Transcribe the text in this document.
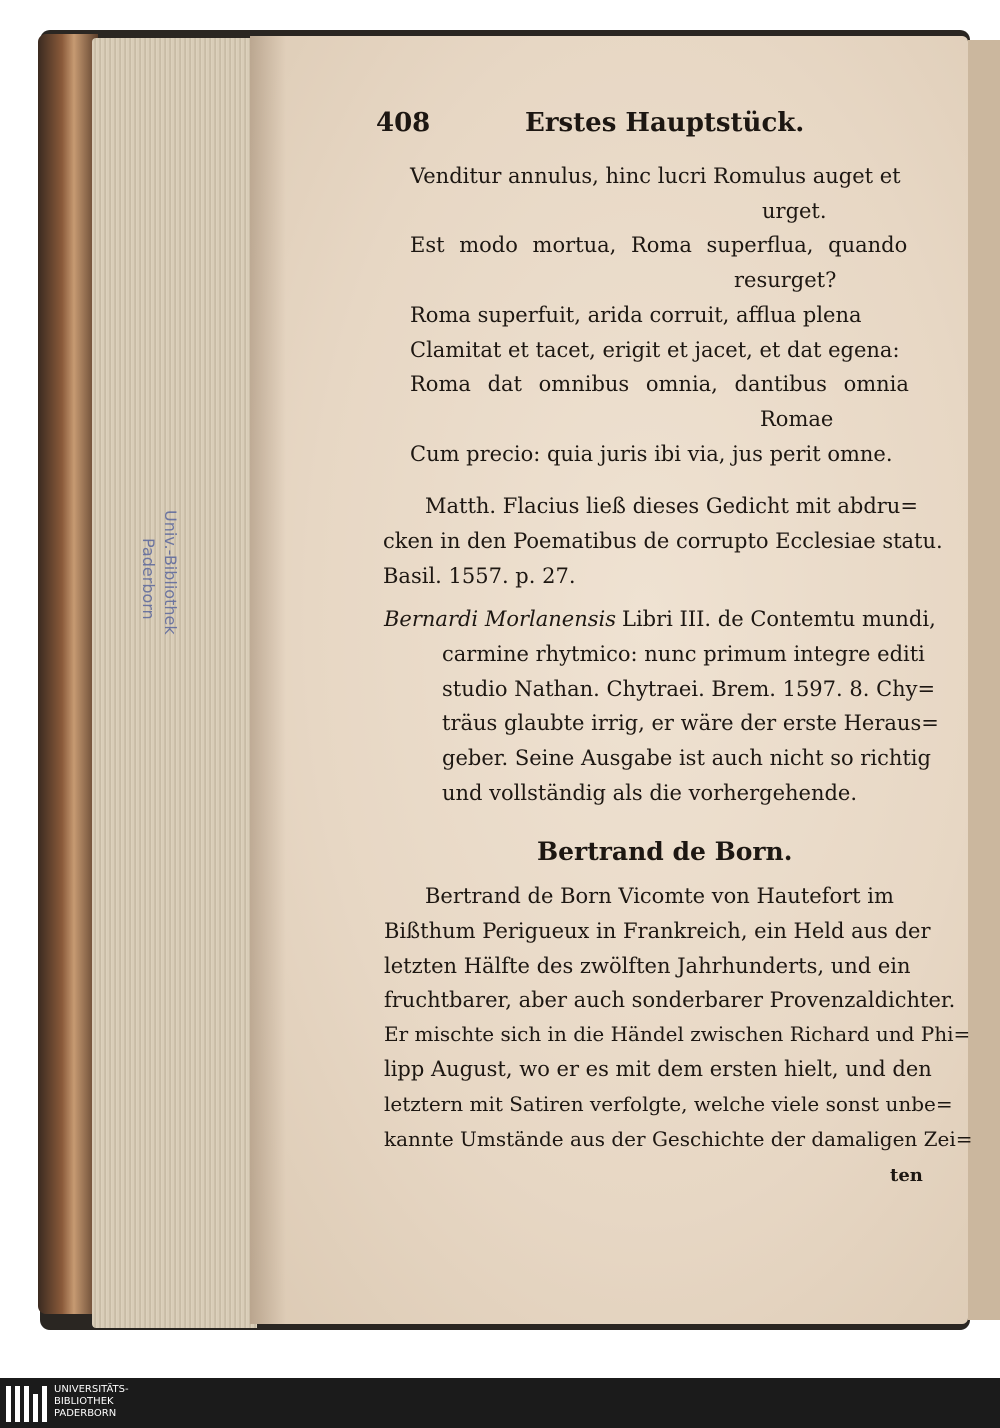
Univ.-Bibliothek
Paderborn
408	Erstes Hauptstück.
Venditur annulus, hinc lucri Romulus auget et
urget.
Est modo mortua, Roma superflua, quando
resurget?
Roma superfuit, arida corruit, afflua plena
Clamitat et tacet, erigit et jacet, et dat egena:
Roma dat omnibus omnia, dantibus omnia
Romae
Cum precio: quia juris ibi via, jus perit omne.
Matth. Flacius ließ dieses Gedicht mit abdru=
cken in den Poematibus de corrupto Ecclesiae statu.
Basil. 1557. p. 27.
Bernardi Morlanensis Libri III. de Contemtu mundi,
carmine rhytmico: nunc primum integre editi
studio Nathan. Chytraei. Brem. 1597. 8. Chy=
träus glaubte irrig, er wäre der erste Heraus=
geber. Seine Ausgabe ist auch nicht so richtig
und vollständig als die vorhergehende.
Bertrand de Born.
Bertrand de Born Vicomte von Hautefort im
Bißthum Perigueux in Frankreich, ein Held aus der
letzten Hälfte des zwölften Jahrhunderts, und ein
fruchtbarer, aber auch sonderbarer Provenzaldichter.
Er mischte sich in die Händel zwischen Richard und Phi=
lipp August, wo er es mit dem ersten hielt, und den
letztern mit Satiren verfolgte, welche viele sonst unbe=
kannte Umstände aus der Geschichte der damaligen Zei=
ten
UNIVERSITÄTS-
BIBLIOTHEK
PADERBORN
